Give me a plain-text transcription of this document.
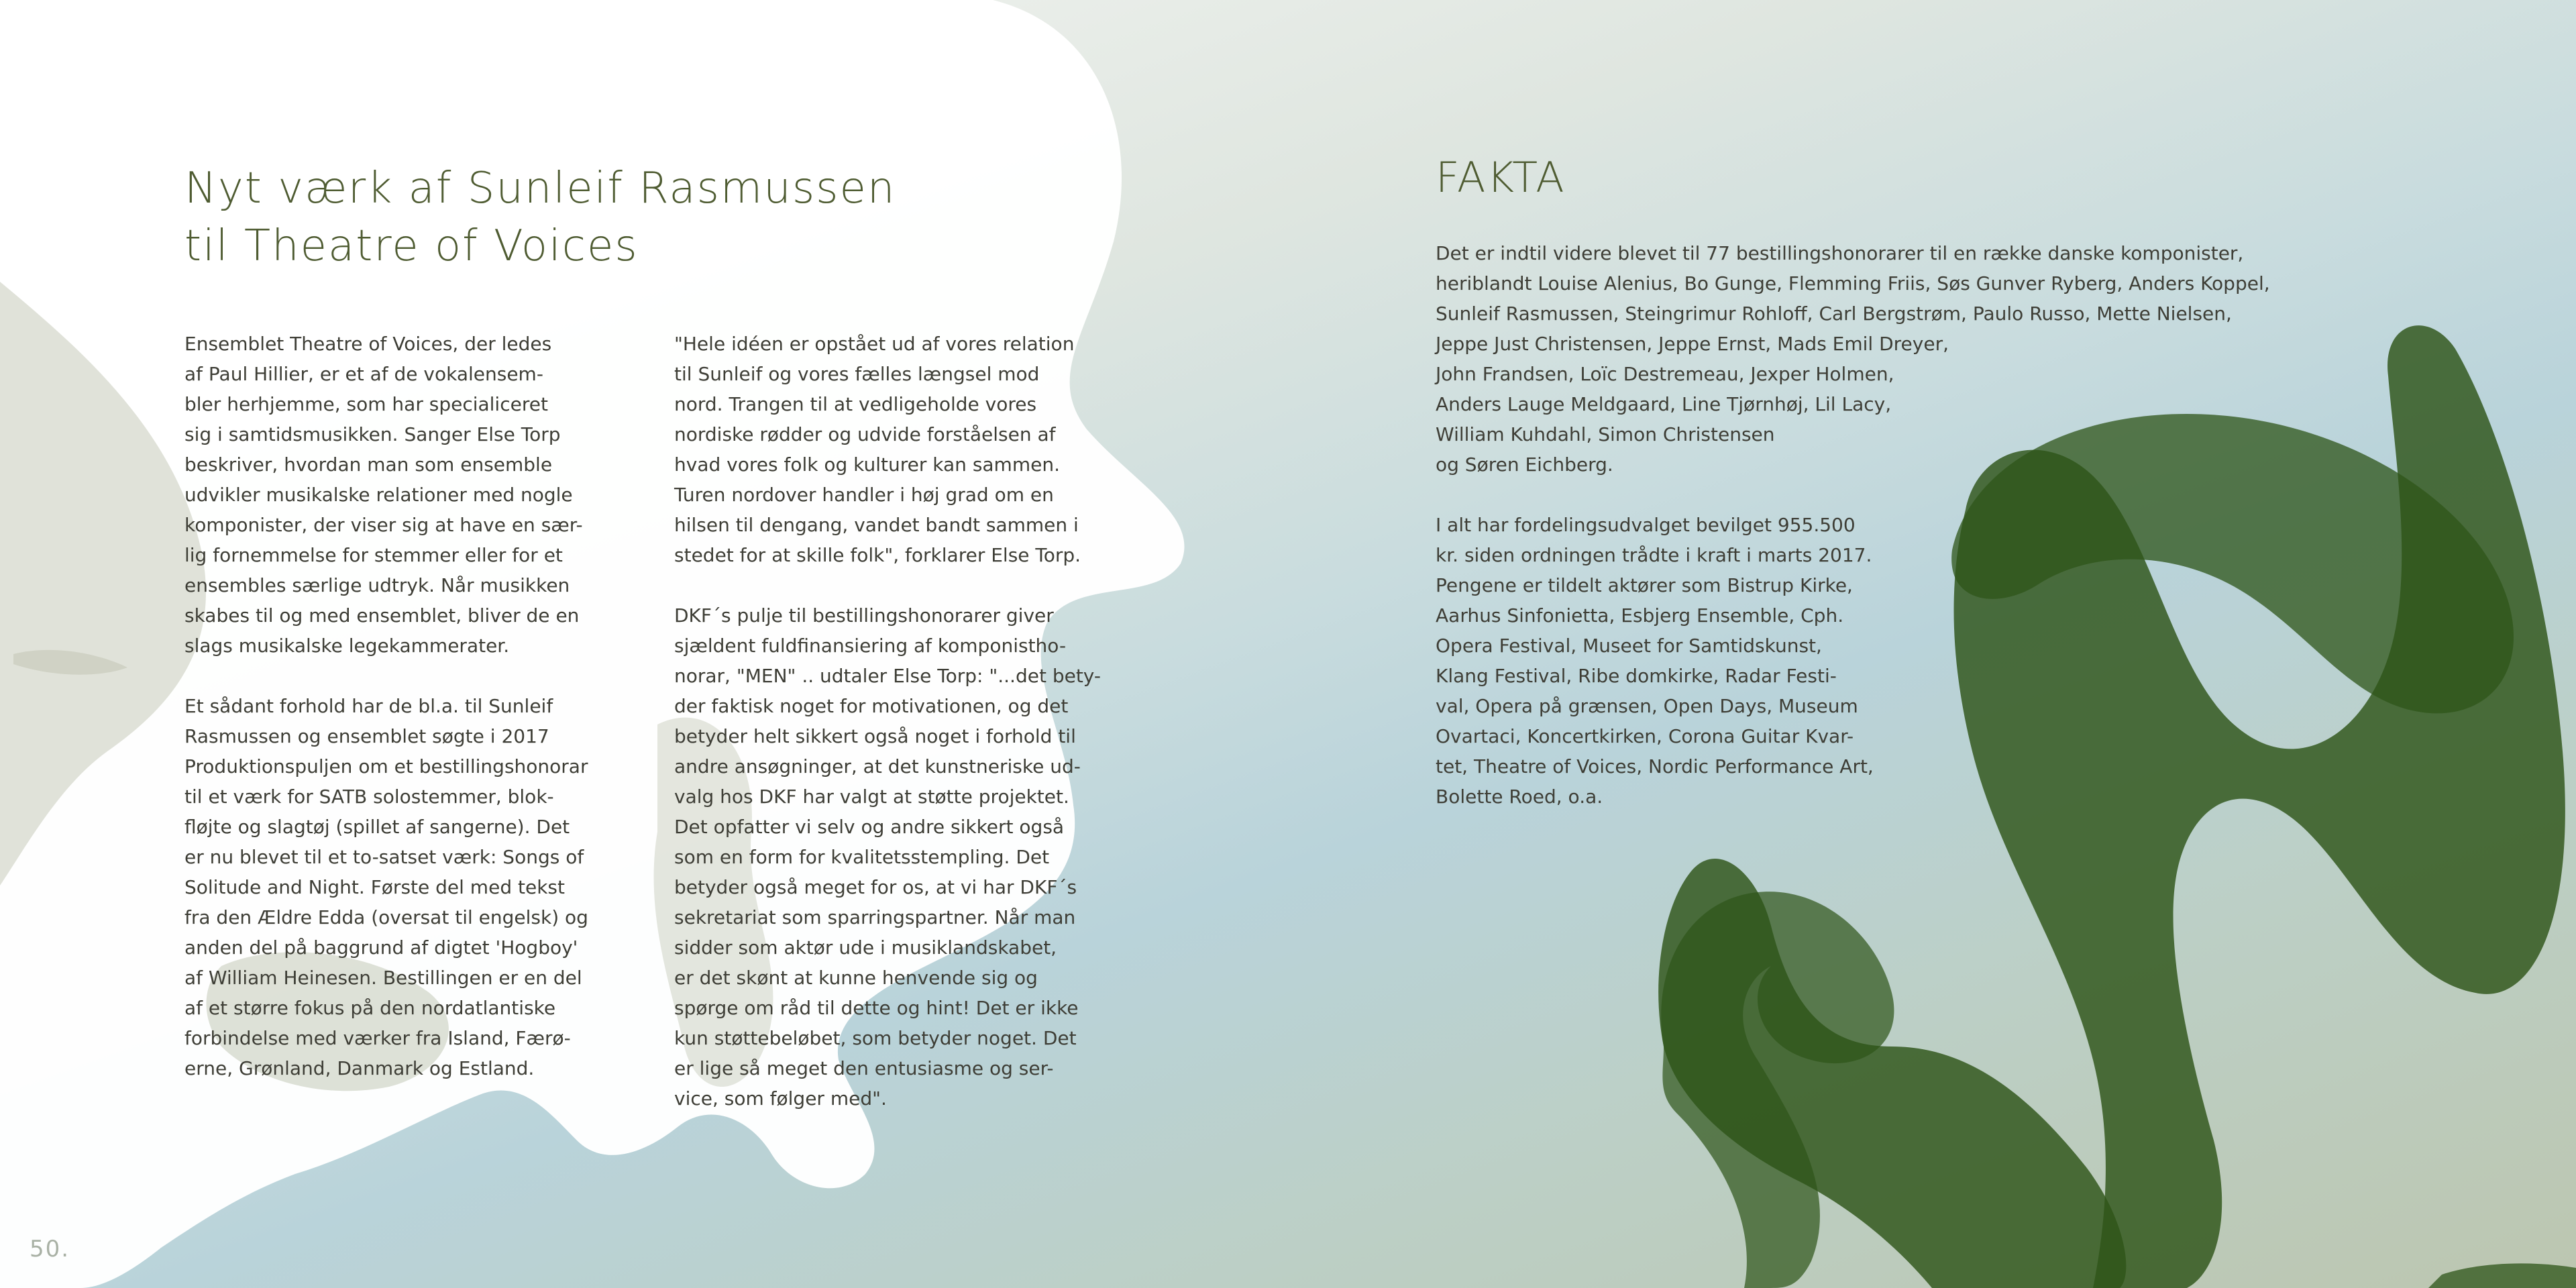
Nyt værk af Sunleif Rasmussen
til Theatre of Voices

Ensemblet Theatre of Voices, der ledes
af Paul Hillier, er et af de vokalensem-
bler herhjemme, som har specialiceret
sig i samtidsmusikken. Sanger Else Torp
beskriver, hvordan man som ensemble
udvikler musikalske relationer med nogle
komponister, der viser sig at have en sær-
lig fornemmelse for stemmer eller for et
ensembles særlige udtryk. Når musikken
skabes til og med ensemblet, bliver de en
slags musikalske legekammerater.

Et sådant forhold har de bl.a. til Sunleif
Rasmussen og ensemblet søgte i 2017
Produktionspuljen om et bestillingshonorar
til et værk for SATB solostemmer, blok-
fløjte og slagtøj (spillet af sangerne). Det
er nu blevet til et to-satset værk: Songs of
Solitude and Night. Første del med tekst
fra den Ældre Edda (oversat til engelsk) og
anden del på baggrund af digtet 'Hogboy'
af William Heinesen. Bestillingen er en del
af et større fokus på den nordatlantiske
forbindelse med værker fra Island, Færø-
erne, Grønland, Danmark og Estland.

"Hele idéen er opstået ud af vores relation
til Sunleif og vores fælles længsel mod
nord. Trangen til at vedligeholde vores
nordiske rødder og udvide forståelsen af
hvad vores folk og kulturer kan sammen.
Turen nordover handler i høj grad om en
hilsen til dengang, vandet bandt sammen i
stedet for at skille folk", forklarer Else Torp.

DKF´s pulje til bestillingshonorarer giver
sjældent fuldfinansiering af komponistho-
norar, "MEN" .. udtaler Else Torp: "...det bety-
der faktisk noget for motivationen, og det
betyder helt sikkert også noget i forhold til
andre ansøgninger, at det kunstneriske ud-
valg hos DKF har valgt at støtte projektet.
Det opfatter vi selv og andre sikkert også
som en form for kvalitetsstempling. Det
betyder også meget for os, at vi har DKF´s
sekretariat som sparringspartner. Når man
sidder som aktør ude i musiklandskabet,
er det skønt at kunne henvende sig og
spørge om råd til dette og hint! Det er ikke
kun støttebeløbet, som betyder noget. Det
er lige så meget den entusiasme og ser-
vice, som følger med".

FAKTA

Det er indtil videre blevet til 77 bestillingshonorarer til en række danske komponister,
heriblandt Louise Alenius, Bo Gunge, Flemming Friis, Søs Gunver Ryberg, Anders Koppel,
Sunleif Rasmussen, Steingrimur Rohloff, Carl Bergstrøm, Paulo Russo, Mette Nielsen,
Jeppe Just Christensen, Jeppe Ernst, Mads Emil Dreyer,
John Frandsen, Loïc Destremeau, Jexper Holmen,
Anders Lauge Meldgaard, Line Tjørnhøj, Lil Lacy,
William Kuhdahl, Simon Christensen
og Søren Eichberg.

I alt har fordelingsudvalget bevilget 955.500
kr. siden ordningen trådte i kraft i marts 2017.
Pengene er tildelt aktører som Bistrup Kirke,
Aarhus Sinfonietta, Esbjerg Ensemble, Cph.
Opera Festival, Museet for Samtidskunst,
Klang Festival, Ribe domkirke, Radar Festi-
val, Opera på grænsen, Open Days, Museum
Ovartaci, Koncertkirken, Corona Guitar Kvar-
tet, Theatre of Voices, Nordic Performance Art,
Bolette Roed, o.a.

50.
